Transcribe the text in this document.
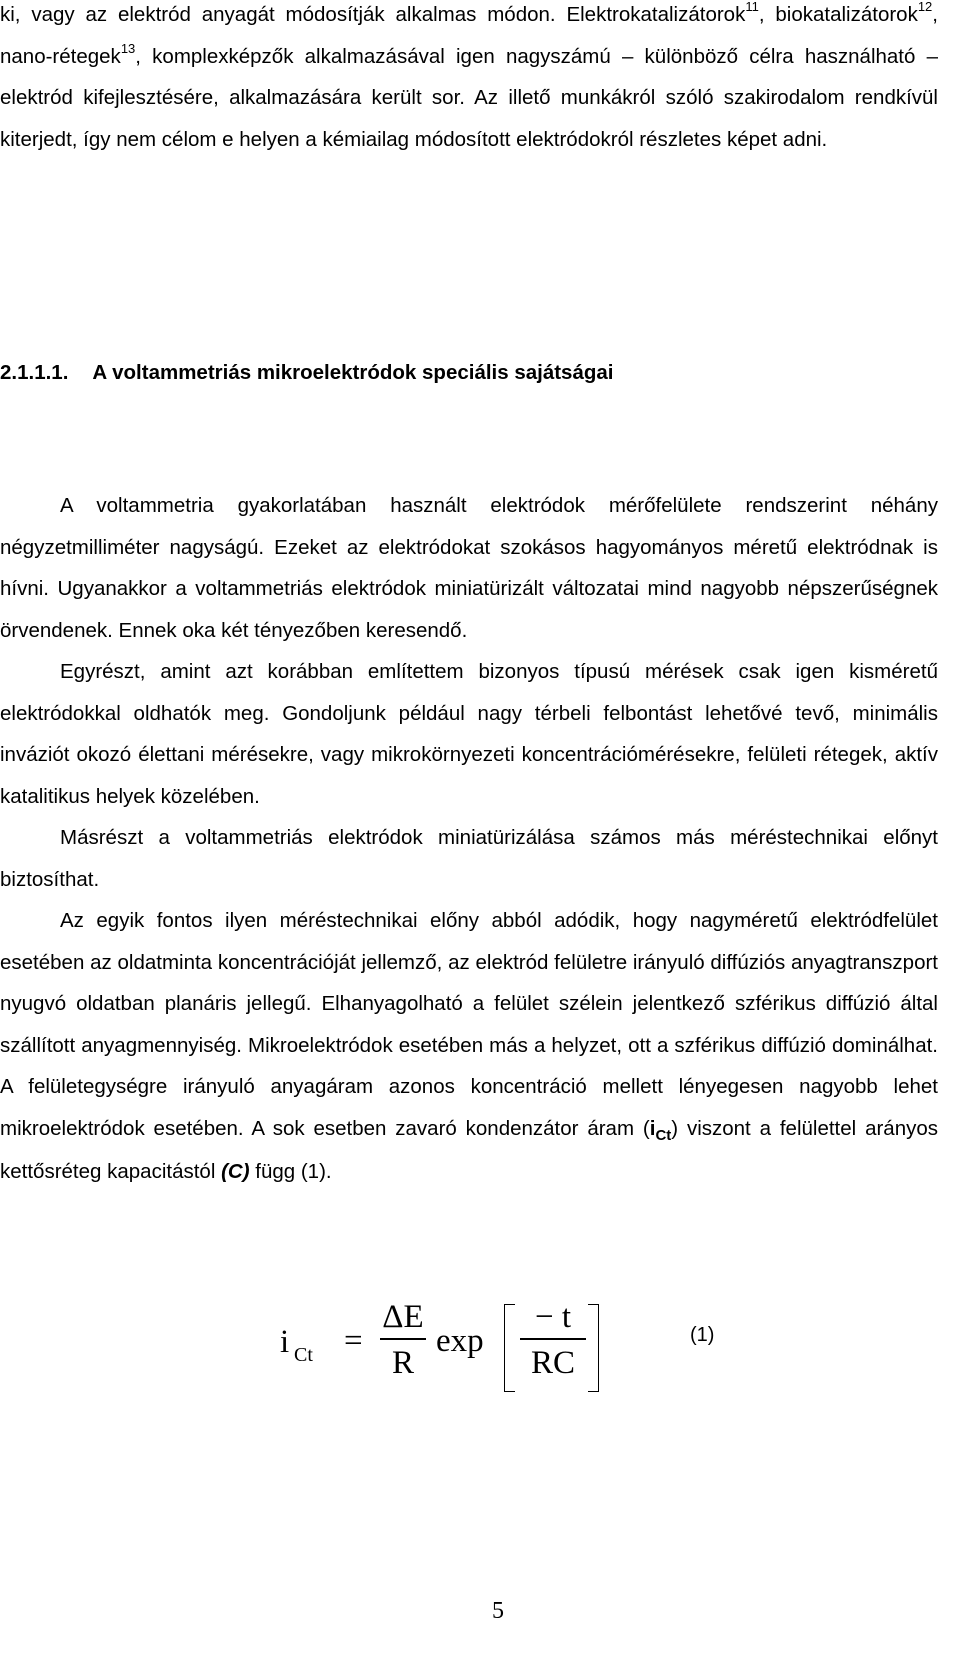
ki, vagy az elektród anyagát módosítják alkalmas módon. Elektrokatalizátorok$^{11}$, biokatalizátorok$^{12}$, nano-rétegek$^{13}$, komplexképzők alkalmazásával igen nagyszámú – különböző célra használható – elektród kifejlesztésére, alkalmazására került sor. Az illető munkákról szóló szakirodalom rendkívül kiterjedt, így nem célom e helyen a kémiailag módosított elektródokról részletes képet adni.

2.1.1.1. A voltammetriás mikroelektródok speciális sajátságai

A voltammetria gyakorlatában használt elektródok mérőfelülete rendszerint néhány négyzetmilliméter nagyságú. Ezeket az elektródokat szokásos hagyományos méretű elektródnak is hívni. Ugyanakkor a voltammetriás elektródok miniatürizált változatai mind nagyobb népszerűségnek örvendenek. Ennek oka két tényezőben keresendő.

Egyrészt, amint azt korábban említettem bizonyos típusú mérések csak igen kisméretű elektródokkal oldhatók meg. Gondoljunk például nagy térbeli felbontást lehetővé tevő, minimális inváziót okozó élettani mérésekre, vagy mikrokörnyezeti koncentrációmérésekre, felületi rétegek, aktív katalitikus helyek közelében.

Másrészt a voltammetriás elektródok miniatürizálása számos más méréstechnikai előnyt biztosíthat.

Az egyik fontos ilyen méréstechnikai előny abból adódik, hogy nagyméretű elektródfelület esetében az oldatminta koncentrációját jellemző, az elektród felületre irányuló diffúziós anyagtranszport nyugvó oldatban planáris jellegű. Elhanyagolható a felület szélein jelentkező szférikus diffúzió által szállított anyagmennyiség. Mikroelektródok esetében más a helyzet, ott a szférikus diffúzió dominálhat. A felületegységre irányuló anyagáram azonos koncentráció mellett lényegesen nagyobb lehet mikroelektródok esetében. A sok esetben zavaró kondenzátor áram $(i_{Ct})$ viszont a felülettel arányos kettősréteg kapacitástól (C) függ (1).

i Ct =
ΔE
R
exp
− t
RC
(1)
5
